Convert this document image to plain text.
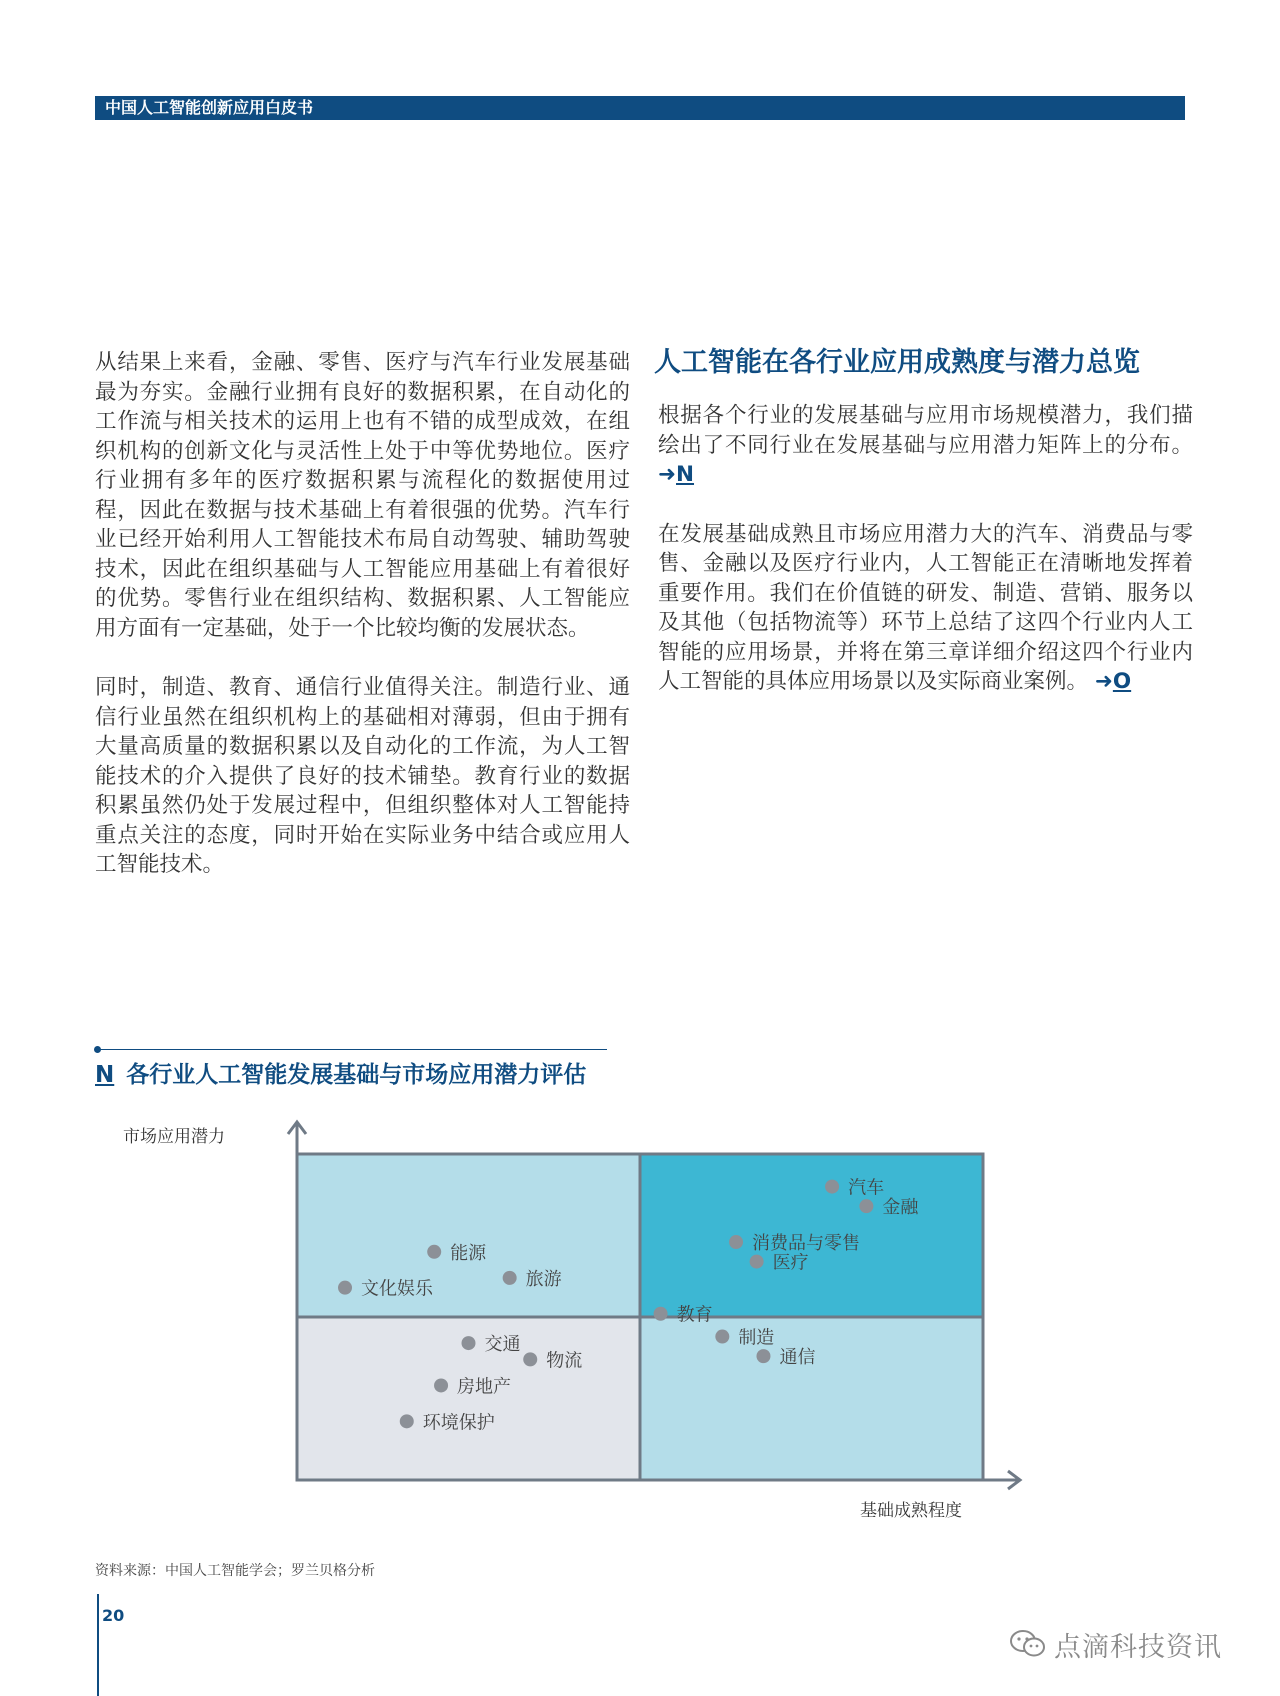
中国人工智能创新应用白皮书

从结果上来看，金融、零售、医疗与汽车行业发展基础最为夯实。金融行业拥有良好的数据积累，在自动化的工作流与相关技术的运用上也有不错的成型成效，在组织机构的创新文化与灵活性上处于中等优势地位。医疗行业拥有多年的医疗数据积累与流程化的数据使用过程，因此在数据与技术基础上有着很强的优势。汽车行业已经开始利用人工智能技术布局自动驾驶、辅助驾驶技术，因此在组织基础与人工智能应用基础上有着很好的优势。零售行业在组织结构、数据积累、人工智能应用方面有一定基础，处于一个比较均衡的发展状态。

同时，制造、教育、通信行业值得关注。制造行业、通信行业虽然在组织机构上的基础相对薄弱，但由于拥有大量高质量的数据积累以及自动化的工作流，为人工智能技术的介入提供了良好的技术铺垫。教育行业的数据积累虽然仍处于发展过程中，但组织整体对人工智能持重点关注的态度，同时开始在实际业务中结合或应用人工智能技术。

人工智能在各行业应用成熟度与潜力总览

根据各个行业的发展基础与应用市场规模潜力，我们描绘出了不同行业在发展基础与应用潜力矩阵上的分布。 ➜N

在发展基础成熟且市场应用潜力大的汽车、消费品与零售、金融以及医疗行业内，人工智能正在清晰地发挥着重要作用。我们在价值链的研发、制造、营销、服务以及其他（包括物流等）环节上总结了这四个行业内人工智能的应用场景，并将在第三章详细介绍这四个行业内人工智能的具体应用场景以及实际商业案例。 ➜O

N 各行业人工智能发展基础与市场应用潜力评估
市场应用潜力
基础成熟程度
汽车
金融
消费品与零售
医疗
能源
旅游
文化娱乐
教育
制造
通信
交通
物流
房地产
环境保护
资料来源：中国人工智能学会；罗兰贝格分析
20
点滴科技资讯
